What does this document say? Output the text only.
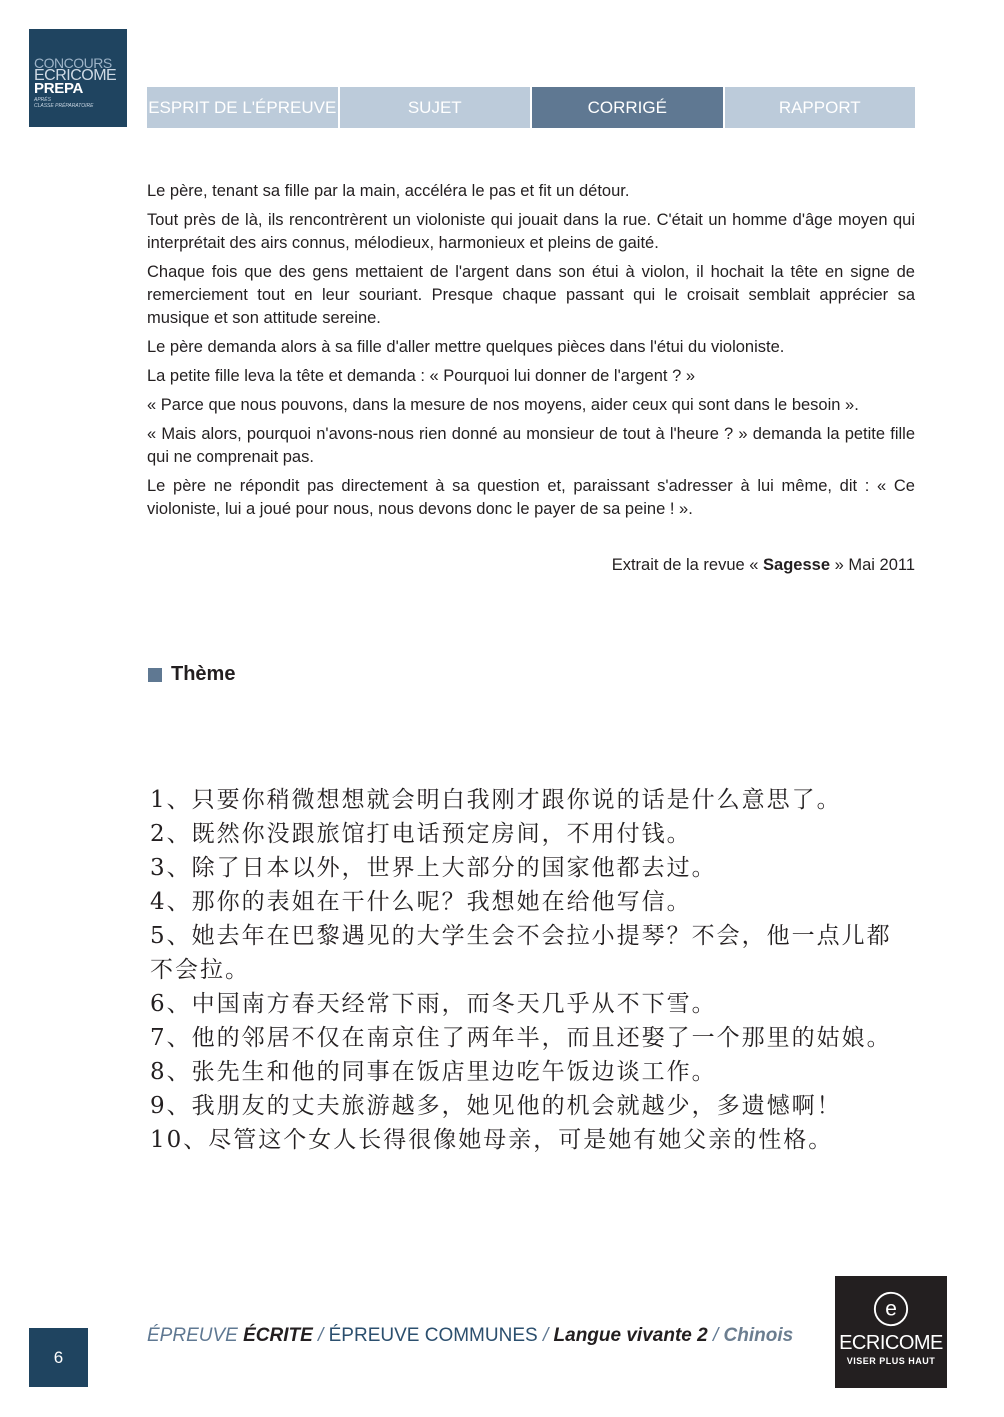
CONCOURS
ECRICOME
PREPA
APRÈS
CLASSE PRÉPARATOIRE	ESPRIT DE L'ÉPREUVE	SUJET	CORRIGÉ	RAPPORT

Le père, tenant sa fille par la main, accéléra le pas et fit un détour.

Tout près de là, ils rencontrèrent un violoniste qui jouait dans la rue. C'était un homme d'âge moyen qui interprétait des airs connus, mélodieux, harmonieux et pleins de gaité.

Chaque fois que des gens mettaient de l'argent dans son étui à violon, il hochait la tête en signe de remerciement tout en leur souriant. Presque chaque passant qui le croisait semblait apprécier sa musique et son attitude sereine.

Le père demanda alors à sa fille d'aller mettre quelques pièces dans l'étui du violoniste.

La petite fille leva la tête et demanda : « Pourquoi lui donner de l'argent ? »

« Parce que nous pouvons, dans la mesure de nos moyens, aider ceux qui sont dans le besoin ».

« Mais alors, pourquoi n'avons-nous rien donné au monsieur de tout à l'heure ? » demanda la petite fille qui ne comprenait pas.

Le père ne répondit pas directement à sa question et, paraissant s'adresser à lui même, dit : « Ce violoniste, lui a joué pour nous, nous devons donc le payer de sa peine ! ».

Extrait de la revue « Sagesse » Mai 2011
Thème
1、只要你稍微想想就会明白我刚才跟你说的话是什么意思了。
2、既然你没跟旅馆打电话预定房间，不用付钱。
3、除了日本以外，世界上大部分的国家他都去过。
4、那你的表姐在干什么呢？我想她在给他写信。
5、她去年在巴黎遇见的大学生会不会拉小提琴？不会，他一点儿都
不会拉。
6、中国南方春天经常下雨，而冬天几乎从不下雪。
7、他的邻居不仅在南京住了两年半，而且还娶了一个那里的姑娘。
8、张先生和他的同事在饭店里边吃午饭边谈工作。
9、我朋友的丈夫旅游越多，她见他的机会就越少，多遗憾啊！
10、尽管这个女人长得很像她母亲，可是她有她父亲的性格。
6
ÉPREUVE ÉCRITE / ÉPREUVE COMMUNES / Langue vivante 2 / Chinois
e
ECRICOME
VISER PLUS HAUT
